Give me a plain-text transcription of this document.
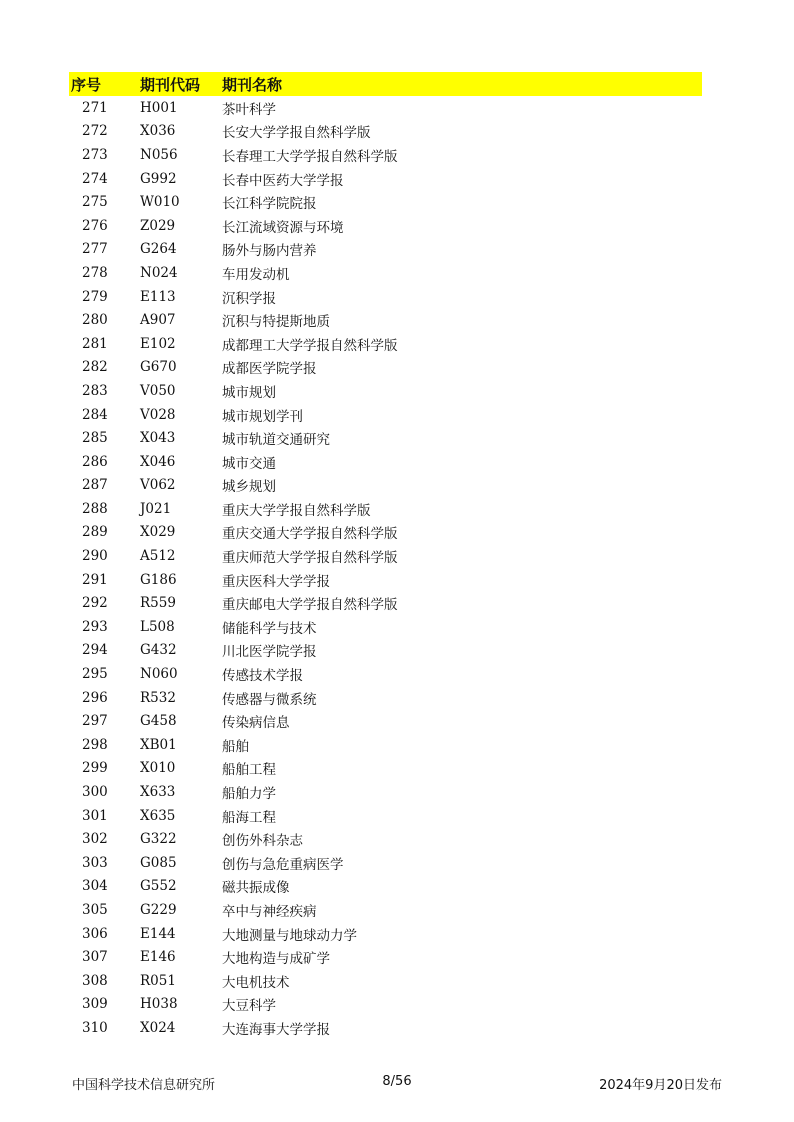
序号	期刊代码	期刊名称
271	H001	茶叶科学
272	X036	长安大学学报自然科学版
273	N056	长春理工大学学报自然科学版
274	G992	长春中医药大学学报
275	W010	长江科学院院报
276	Z029	长江流域资源与环境
277	G264	肠外与肠内营养
278	N024	车用发动机
279	E113	沉积学报
280	A907	沉积与特提斯地质
281	E102	成都理工大学学报自然科学版
282	G670	成都医学院学报
283	V050	城市规划
284	V028	城市规划学刊
285	X043	城市轨道交通研究
286	X046	城市交通
287	V062	城乡规划
288	J021	重庆大学学报自然科学版
289	X029	重庆交通大学学报自然科学版
290	A512	重庆师范大学学报自然科学版
291	G186	重庆医科大学学报
292	R559	重庆邮电大学学报自然科学版
293	L508	储能科学与技术
294	G432	川北医学院学报
295	N060	传感技术学报
296	R532	传感器与微系统
297	G458	传染病信息
298	XB01	船舶
299	X010	船舶工程
300	X633	船舶力学
301	X635	船海工程
302	G322	创伤外科杂志
303	G085	创伤与急危重病医学
304	G552	磁共振成像
305	G229	卒中与神经疾病
306	E144	大地测量与地球动力学
307	E146	大地构造与成矿学
308	R051	大电机技术
309	H038	大豆科学
310	X024	大连海事大学学报
中国科学技术信息研究所	8/56	2024年9月20日发布
